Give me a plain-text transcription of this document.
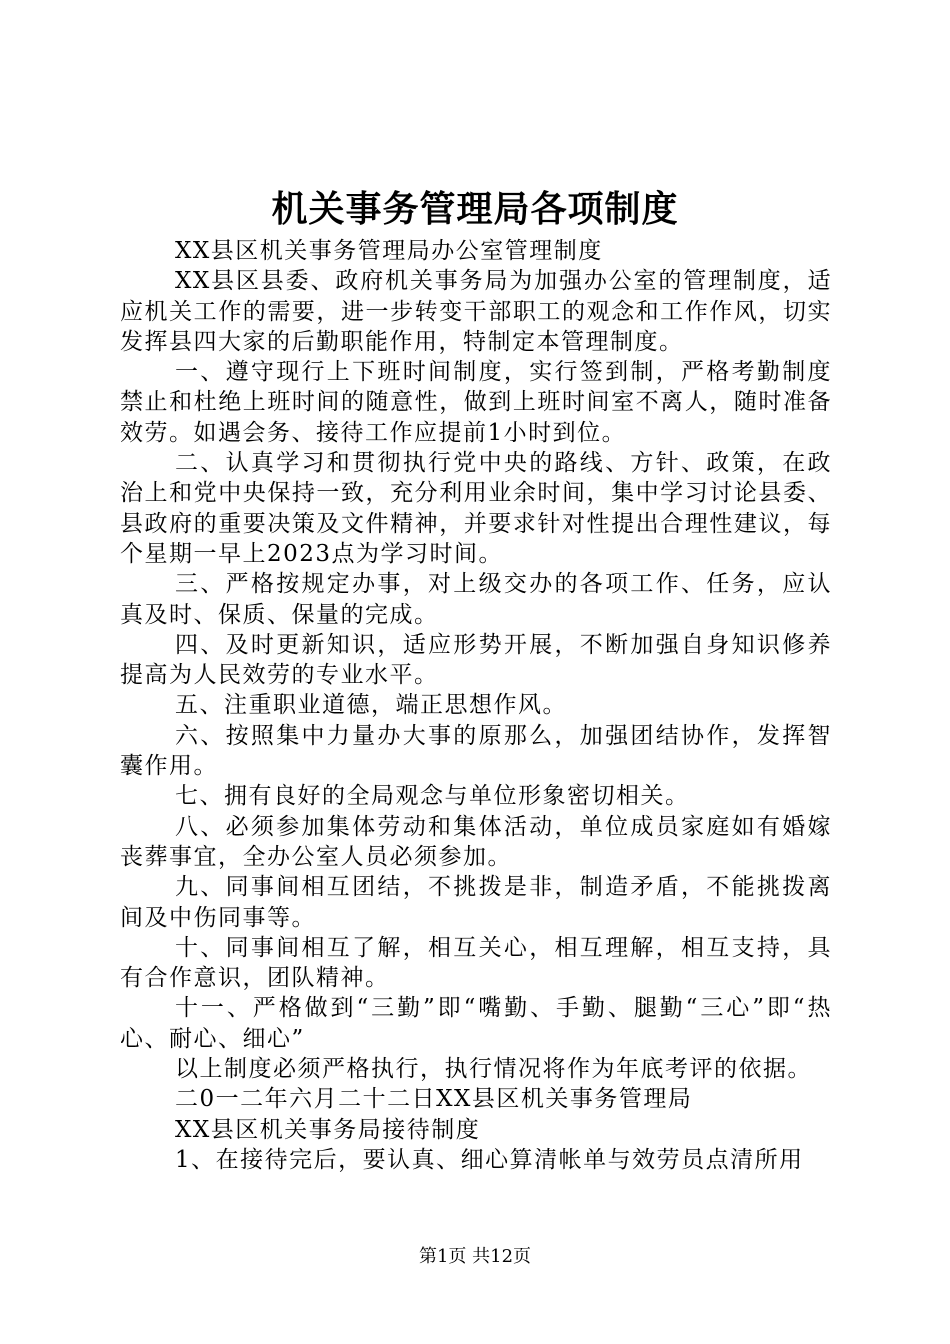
机关事务管理局各项制度

XX县区机关事务管理局办公室管理制度

XX县区县委、政府机关事务局为加强办公室的管理制度，适应机关工作的需要，进一步转变干部职工的观念和工作作风，切实发挥县四大家的后勤职能作用，特制定本管理制度。

一、遵守现行上下班时间制度，实行签到制，严格考勤制度禁止和杜绝上班时间的随意性，做到上班时间室不离人，随时准备效劳。如遇会务、接待工作应提前1小时到位。

二、认真学习和贯彻执行党中央的路线、方针、政策，在政治上和党中央保持一致，充分利用业余时间，集中学习讨论县委、县政府的重要决策及文件精神，并要求针对性提出合理性建议，每个星期一早上2023点为学习时间。

三、严格按规定办事，对上级交办的各项工作、任务，应认真及时、保质、保量的完成。

四、及时更新知识，适应形势开展，不断加强自身知识修养提高为人民效劳的专业水平。

五、注重职业道德，端正思想作风。

六、按照集中力量办大事的原那么，加强团结协作，发挥智囊作用。

七、拥有良好的全局观念与单位形象密切相关。

八、必须参加集体劳动和集体活动，单位成员家庭如有婚嫁丧葬事宜，全办公室人员必须参加。

九、同事间相互团结，不挑拨是非，制造矛盾，不能挑拨离间及中伤同事等。

十、同事间相互了解，相互关心，相互理解，相互支持，具有合作意识，团队精神。

十一、严格做到“三勤”即“嘴勤、手勤、腿勤“三心”即“热心、耐心、细心”

以上制度必须严格执行，执行情况将作为年底考评的依据。

二0一二年六月二十二日XX县区机关事务管理局

XX县区机关事务局接待制度

1、在接待完后，要认真、细心算清帐单与效劳员点清所用

第1页 共12页
